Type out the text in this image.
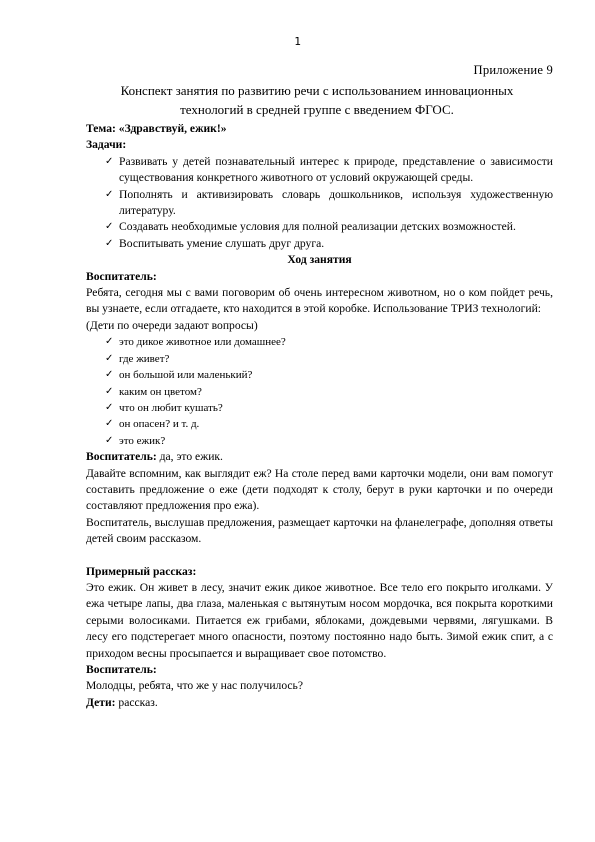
1
Приложение 9
Конспект занятия по развитию речи с использованием инновационных
технологий в средней группе с введением ФГОС.

Тема: «Здравствуй, ежик!»

Задачи:

✓ Развивать у детей познавательный интерес к природе, представление о зависимости существования конкретного животного от условий окружающей среды.
✓ Пополнять и активизировать словарь дошкольников, используя художественную литературу.
✓ Создавать необходимые условия для полной реализации детских возможностей.
✓ Воспитывать умение слушать друг друга.

Ход занятия

Воспитатель:

Ребята, сегодня мы с вами поговорим об очень интересном животном, но о ком пойдет речь, вы узнаете, если отгадаете, кто находится в этой коробке. Использование ТРИЗ технологий:

(Дети по очереди задают вопросы)

✓ это дикое животное или домашнее?
✓ где живет?
✓ он большой или маленький?
✓ каким он цветом?
✓ что он любит кушать?
✓ он опасен? и т. д.
✓ это ежик?

Воспитатель: да, это ежик.

Давайте вспомним, как выглядит еж? На столе перед вами карточки модели, они вам помогут составить предложение о еже (дети подходят к столу, берут в руки карточки и по очереди составляют предложения про ежа).

Воспитатель, выслушав предложения, размещает карточки на фланелеграфе, дополняя ответы детей своим рассказом.

Примерный рассказ:

Это ежик. Он живет в лесу, значит ежик дикое животное. Все тело его покрыто иголками. У ежа четыре лапы, два глаза, маленькая с вытянутым носом мордочка, вся покрыта короткими серыми волосиками. Питается еж грибами, яблоками, дождевыми червями, лягушками. В лесу его подстерегает много опасности, поэтому постоянно надо быть. Зимой ежик спит, а с приходом весны просыпается и выращивает свое потомство.

Воспитатель:

Молодцы, ребята, что же у нас получилось?

Дети: рассказ.
